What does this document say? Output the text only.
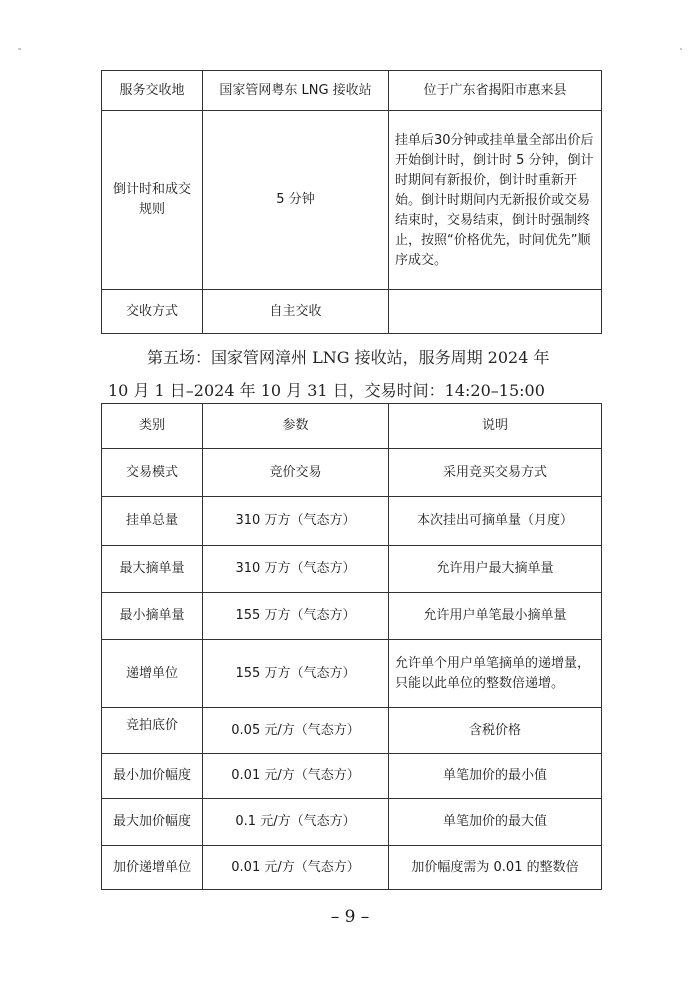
服务交收地	国家管网粤东 LNG 接收站	位于广东省揭阳市惠来县
倒计时和成交规则	5 分钟	挂单后30分钟或挂单量全部出价后开始倒计时，倒计时 5 分钟，倒计时期间有新报价，倒计时重新开始。倒计时期间内无新报价或交易结束时，交易结束，倒计时强制终止，按照“价格优先，时间优先”顺序成交。
交收方式	自主交收	
第五场：国家管网漳州 LNG 接收站，服务周期 2024 年
10 月 1 日–2024 年 10 月 31 日，交易时间：14:20–15:00
类别	参数	说明
交易模式	竞价交易	采用竞买交易方式
挂单总量	310 万方（气态方）	本次挂出可摘单量（月度）
最大摘单量	310 万方（气态方）	允许用户最大摘单量
最小摘单量	155 万方（气态方）	允许用户单笔最小摘单量
递增单位	155 万方（气态方）	允许单个用户单笔摘单的递增量，只能以此单位的整数倍递增。
竞拍底价	0.05 元/方（气态方）	含税价格
最小加价幅度	0.01 元/方（气态方）	单笔加价的最小值
最大加价幅度	0.1 元/方（气态方）	单笔加价的最大值
加价递增单位	0.01 元/方（气态方）	加价幅度需为 0.01 的整数倍
– 9 –
